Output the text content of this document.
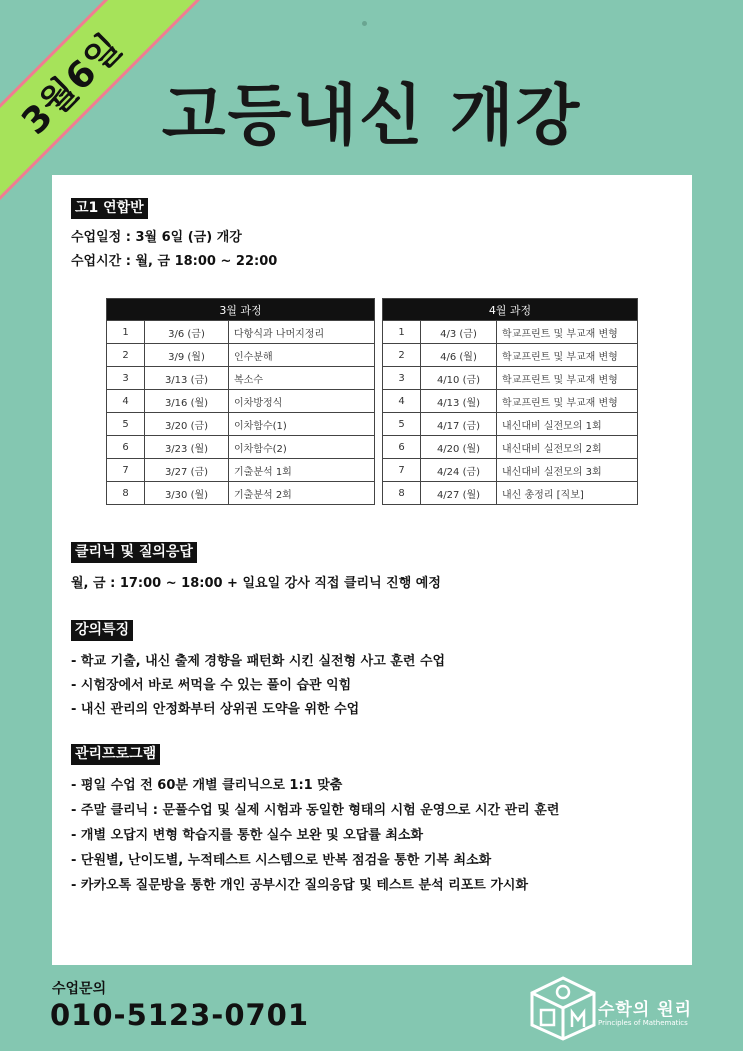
3월6일 고등내신 개강
고1 연합반
수업일정 : 3월 6일 (금) 개강
수업시간 : 월, 금 18:00 ~ 22:00
3월 과정		
1	3/6 (금)	다항식과 나머지정리
2	3/9 (월)	인수분해
3	3/13 (금)	복소수
4	3/16 (월)	이차방정식
5	3/20 (금)	이차함수(1)
6	3/23 (월)	이차함수(2)
7	3/27 (금)	기출분석 1회
8	3/30 (월)	기출분석 2회
4월 과정		
1	4/3 (금)	학교프린트 및 부교재 변형
2	4/6 (월)	학교프린트 및 부교재 변형
3	4/10 (금)	학교프린트 및 부교재 변형
4	4/13 (월)	학교프린트 및 부교재 변형
5	4/17 (금)	내신대비 실전모의 1회
6	4/20 (월)	내신대비 실전모의 2회
7	4/24 (금)	내신대비 실전모의 3회
8	4/27 (월)	내신 총정리 [직보]
클리닉 및 질의응답
월, 금 : 17:00 ~ 18:00 + 일요일 강사 직접 클리닉 진행 예정
강의특징
- 학교 기출, 내신 출제 경향을 패턴화 시킨 실전형 사고 훈련 수업
- 시험장에서 바로 써먹을 수 있는 풀이 습관 익힘
- 내신 관리의 안정화부터 상위권 도약을 위한 수업
관리프로그램
- 평일 수업 전 60분 개별 클리닉으로 1:1 맞춤
- 주말 클리닉 : 문풀수업 및 실제 시험과 동일한 형태의 시험 운영으로 시간 관리 훈련
- 개별 오답지 변형 학습지를 통한 실수 보완 및 오답률 최소화
- 단원별, 난이도별, 누적테스트 시스템으로 반복 점검을 통한 기복 최소화
- 카카오톡 질문방을 통한 개인 공부시간 질의응답 및 테스트 분석 리포트 가시화
수업문의
010-5123-0701	수학의 원리
Principles of Mathematics
